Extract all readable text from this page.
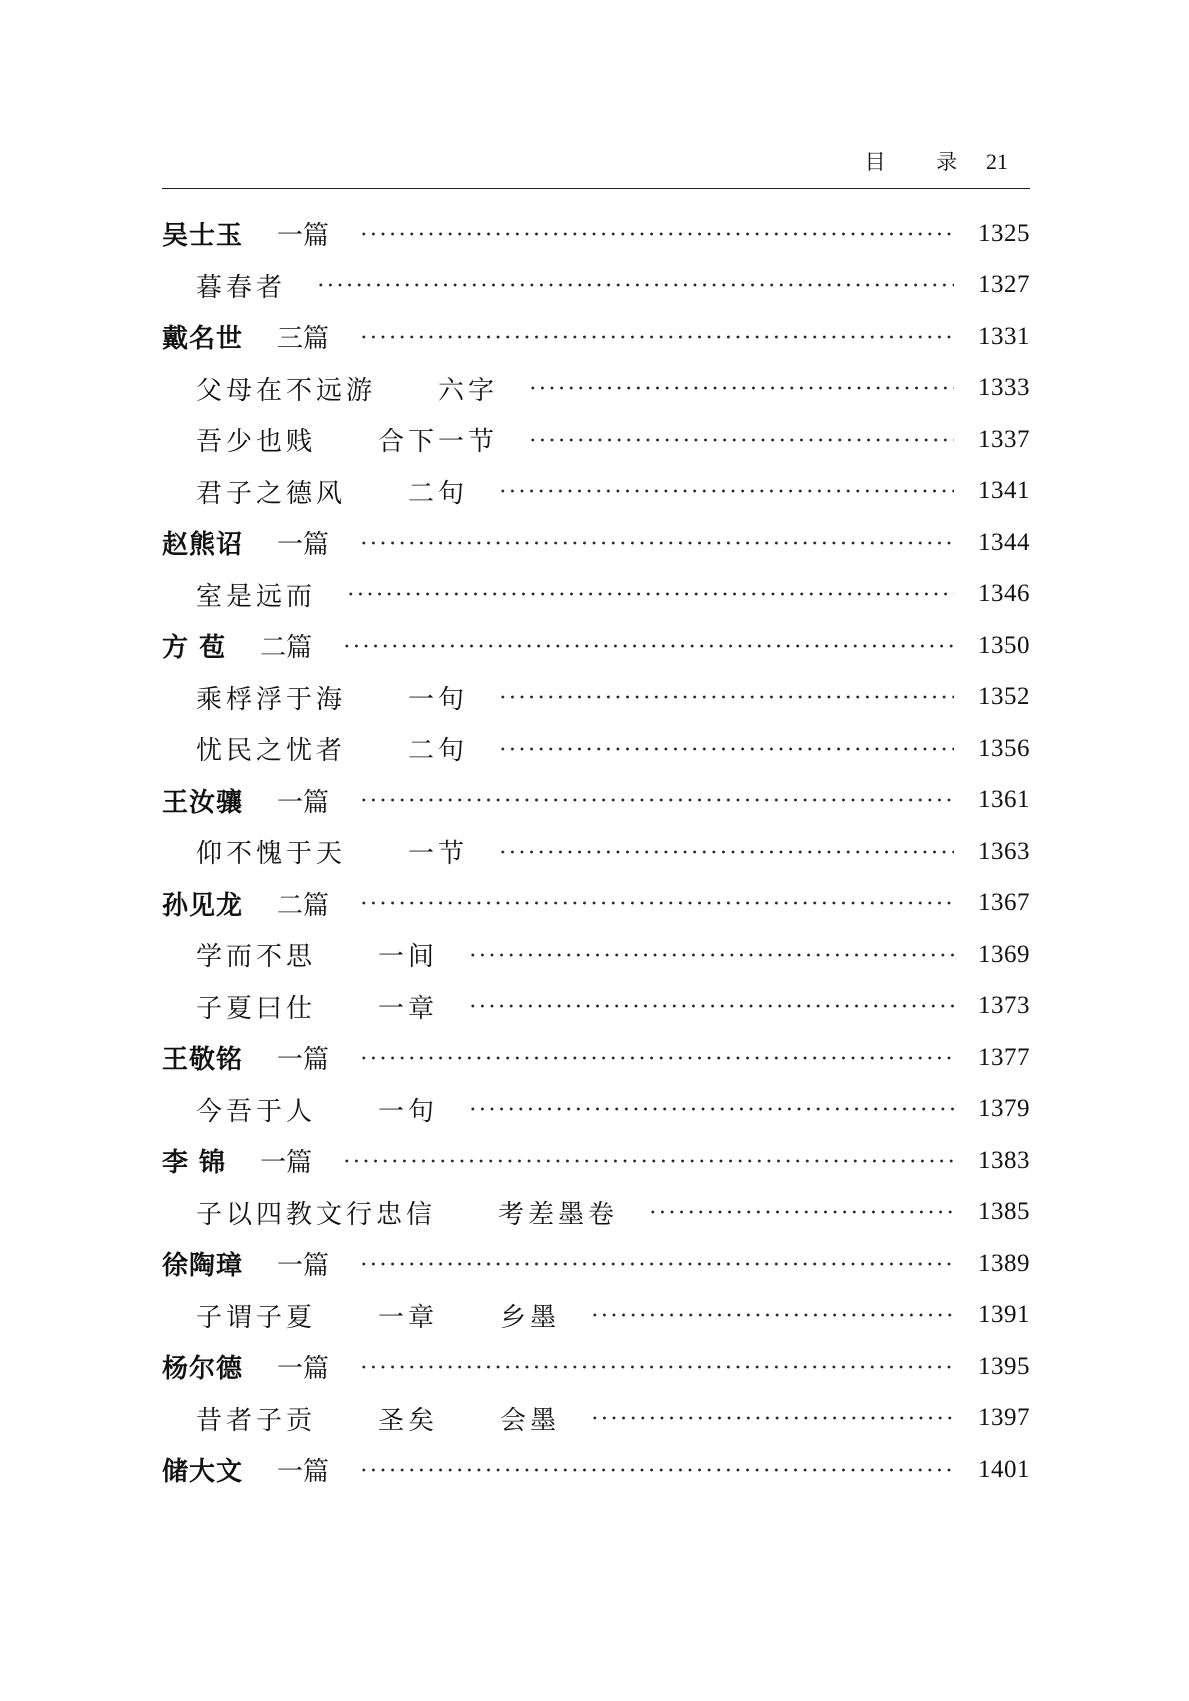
目 录 21
吴士玉 一篇	1325
暮春者	1327
戴名世 三篇	1331
父母在不远游 六字	1333
吾少也贱 合下一节	1337
君子之德风 二句	1341
赵熊诏 一篇	1344
室是远而	1346
方 苞 二篇	1350
乘桴浮于海 一句	1352
忧民之忧者 二句	1356
王汝骧 一篇	1361
仰不愧于天 一节	1363
孙见龙 二篇	1367
学而不思 一间	1369
子夏曰仕 一章	1373
王敬铭 一篇	1377
今吾于人 一句	1379
李 锦 一篇	1383
子以四教文行忠信 考差墨卷	1385
徐陶璋 一篇	1389
子谓子夏 一章 乡墨	1391
杨尔德 一篇	1395
昔者子贡 圣矣 会墨	1397
储大文 一篇	1401
